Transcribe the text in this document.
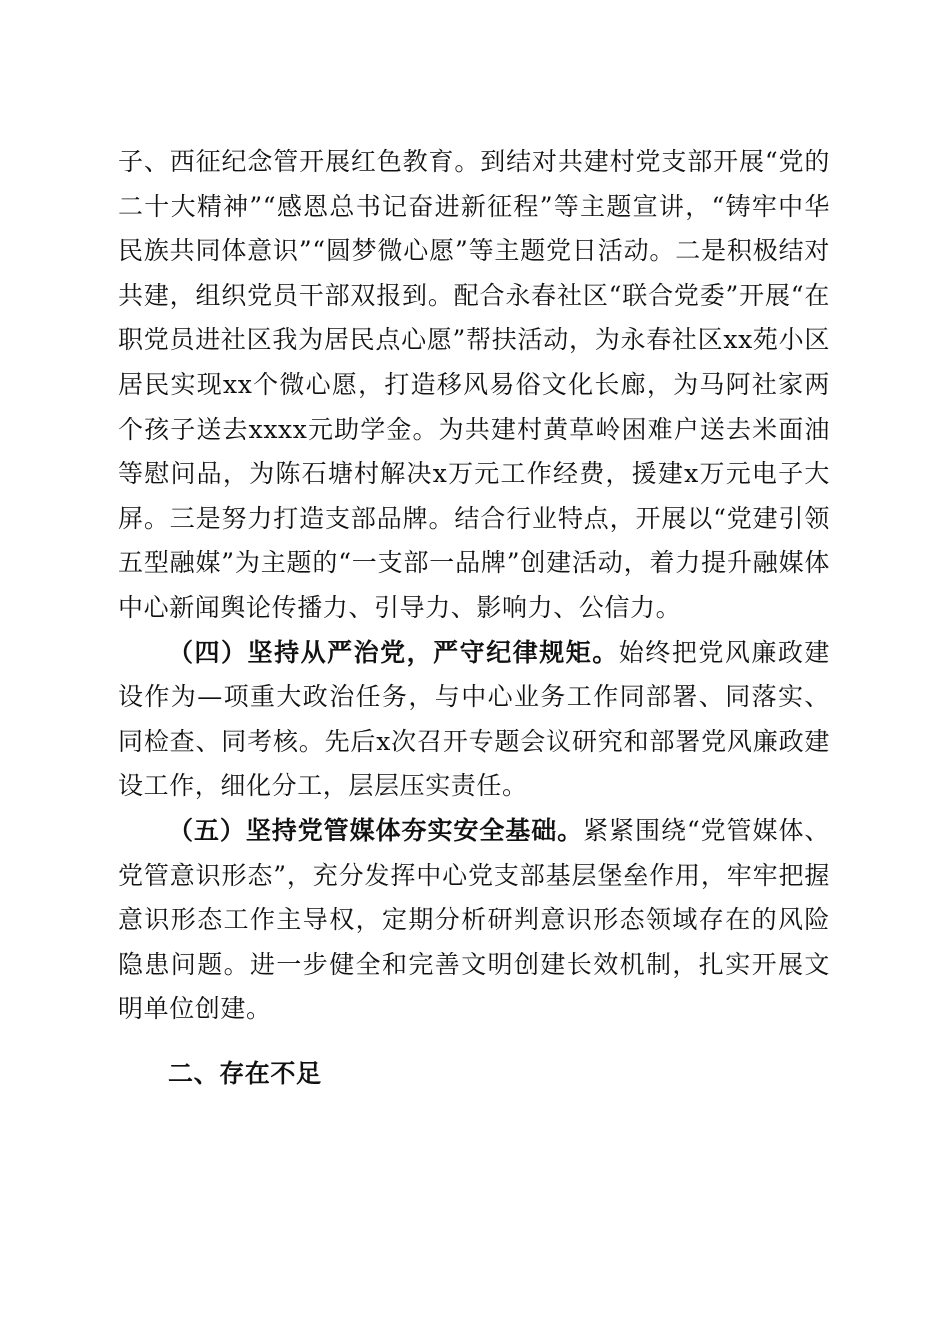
子、西征纪念管开展红色教育。到结对共建村党支部开展“党的二十大精神”“感恩总书记奋进新征程”等主题宣讲，“铸牢中华民族共同体意识”“圆梦微心愿”等主题党日活动。二是积极结对共建，组织党员干部双报到。配合永春社区“联合党委”开展“在职党员进社区我为居民点心愿”帮扶活动，为永春社区xx苑小区居民实现xx个微心愿，打造移风易俗文化长廊，为马阿社家两个孩子送去xxxx元助学金。为共建村黄草岭困难户送去米面油等慰问品，为陈石塘村解决x万元工作经费，援建x万元电子大屏。三是努力打造支部品牌。结合行业特点，开展以“党建引领五型融媒”为主题的“一支部一品牌”创建活动，着力提升融媒体中心新闻舆论传播力、引导力、影响力、公信力。

（四）坚持从严治党，严守纪律规矩。始终把党风廉政建设作为—项重大政治任务，与中心业务工作同部署、同落实、同检查、同考核。先后x次召开专题会议研究和部署党风廉政建设工作，细化分工，层层压实责任。

（五）坚持党管媒体夯实安全基础。紧紧围绕“党管媒体、党管意识形态”，充分发挥中心党支部基层堡垒作用，牢牢把握意识形态工作主导权，定期分析研判意识形态领域存在的风险隐患问题。进一步健全和完善文明创建长效机制，扎实开展文明单位创建。

二、存在不足
